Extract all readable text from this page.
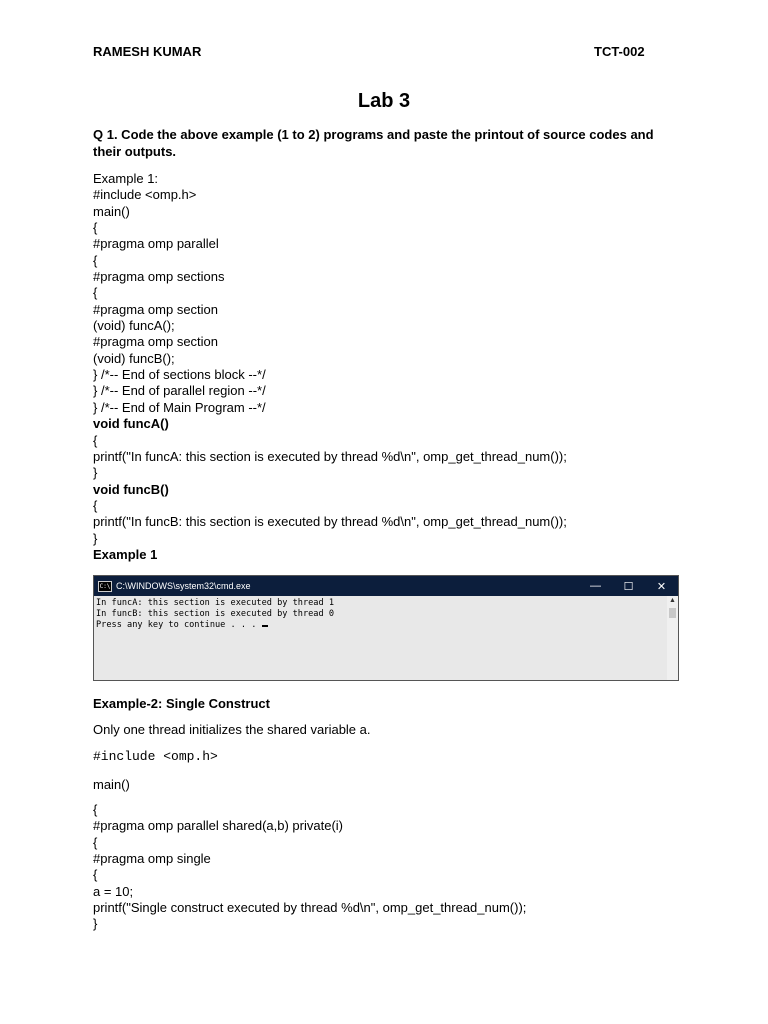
RAMESH KUMAR	TCT-002
Lab 3
Q 1. Code the above example (1 to 2) programs and paste the printout of source codes and their outputs.
Example 1:
#include <omp.h>
main()
{
#pragma omp parallel
{
#pragma omp sections
{
#pragma omp section
(void) funcA();
#pragma omp section
(void) funcB();
} /*-- End of sections block --*/
} /*-- End of parallel region --*/
} /*-- End of Main Program --*/
void funcA()
{
printf("In funcA: this section is executed by thread %d\n", omp_get_thread_num());
}
void funcB()
{
printf("In funcB: this section is executed by thread %d\n", omp_get_thread_num());
}
Example 1
C:\ C:\WINDOWS\system32\cmd.exe	—	☐	✕
In funcA: this section is executed by thread 1
In funcB: this section is executed by thread 0
Press any key to continue . . .
▲
Example-2: Single Construct
Only one thread initializes the shared variable a.
#include <omp.h>
main()
{
#pragma omp parallel shared(a,b) private(i)
{
#pragma omp single
{
a = 10;
printf("Single construct executed by thread %d\n", omp_get_thread_num());
}
